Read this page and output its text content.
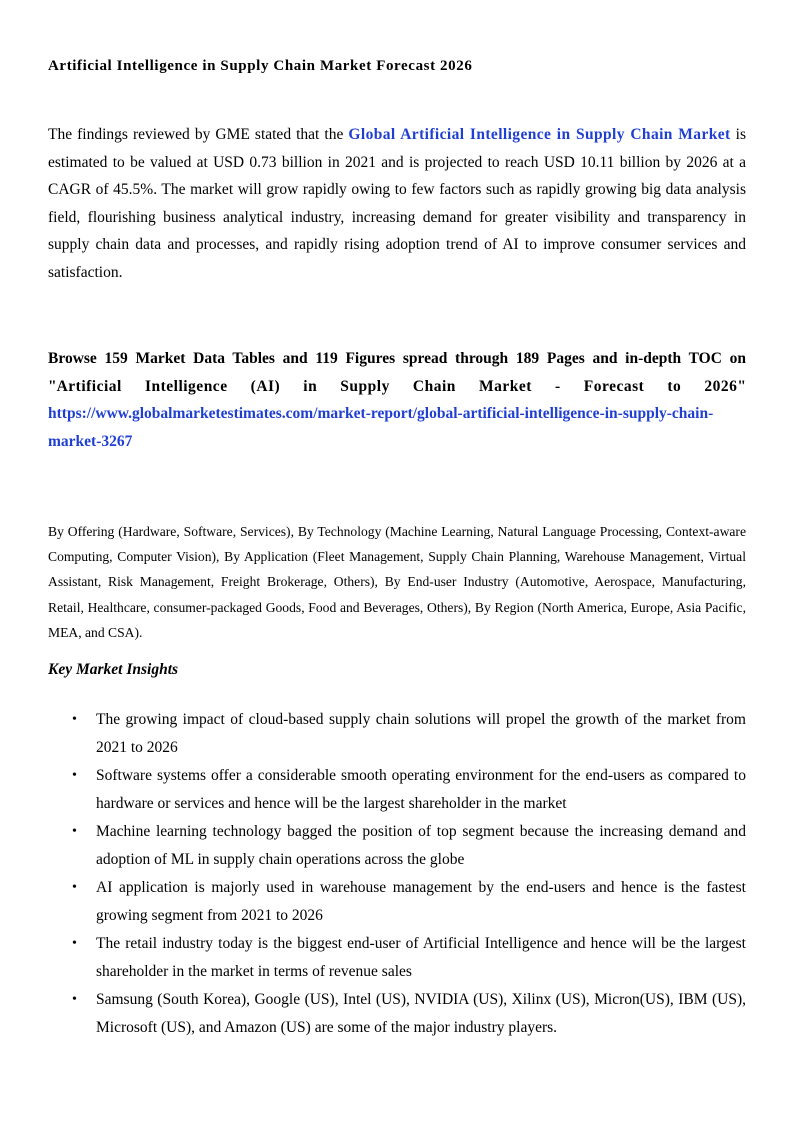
Artificial Intelligence in Supply Chain Market Forecast 2026

The findings reviewed by GME stated that the Global Artificial Intelligence in Supply Chain Market is estimated to be valued at USD 0.73 billion in 2021 and is projected to reach USD 10.11 billion by 2026 at a CAGR of 45.5%. The market will grow rapidly owing to few factors such as rapidly growing big data analysis field, flourishing business analytical industry, increasing demand for greater visibility and transparency in supply chain data and processes, and rapidly rising adoption trend of AI to improve consumer services and satisfaction.

Browse 159 Market Data Tables and 119 Figures spread through 189 Pages and in-depth TOC on "Artificial Intelligence (AI) in Supply Chain Market - Forecast to 2026" https://www.globalmarketestimates.com/market-report/global-artificial-intelligence-in-supply-chain-market-3267

By Offering (Hardware, Software, Services), By Technology (Machine Learning, Natural Language Processing, Context-aware Computing, Computer Vision), By Application (Fleet Management, Supply Chain Planning, Warehouse Management, Virtual Assistant, Risk Management, Freight Brokerage, Others), By End-user Industry (Automotive, Aerospace, Manufacturing, Retail, Healthcare, consumer-packaged Goods, Food and Beverages, Others), By Region (North America, Europe, Asia Pacific, MEA, and CSA).

Key Market Insights
• The growing impact of cloud-based supply chain solutions will propel the growth of the market from 2021 to 2026
• Software systems offer a considerable smooth operating environment for the end-users as compared to hardware or services and hence will be the largest shareholder in the market
• Machine learning technology bagged the position of top segment because the increasing demand and adoption of ML in supply chain operations across the globe
• AI application is majorly used in warehouse management by the end-users and hence is the fastest growing segment from 2021 to 2026
• The retail industry today is the biggest end-user of Artificial Intelligence and hence will be the largest shareholder in the market in terms of revenue sales
• Samsung (South Korea), Google (US), Intel (US), NVIDIA (US), Xilinx (US), Micron(US), IBM (US), Microsoft (US), and Amazon (US) are some of the major industry players.
